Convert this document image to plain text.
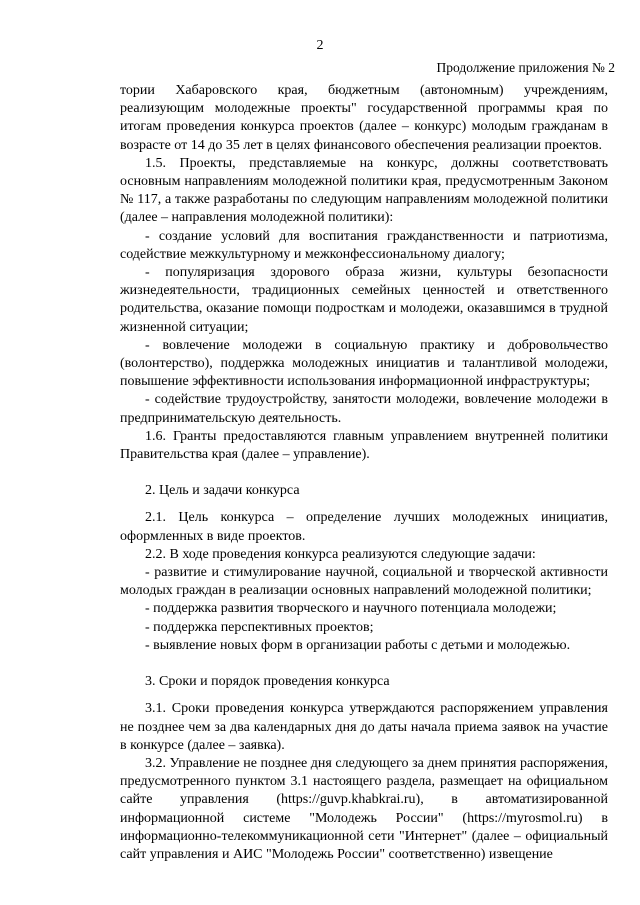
2
Продолжение приложения № 2

тории Хабаровского края, бюджетным (автономным) учреждениям, реализующим молодежные проекты" государственной программы края по итогам проведения конкурса проектов (далее – конкурс) молодым гражданам в возрасте от 14 до 35 лет в целях финансового обеспечения реализации проектов.

1.5. Проекты, представляемые на конкурс, должны соответствовать основным направлениям молодежной политики края, предусмотренным Законом № 117, а также разработаны по следующим направлениям молодежной политики (далее – направления молодежной политики):

- создание условий для воспитания гражданственности и патриотизма, содействие межкультурному и межконфессиональному диалогу;

- популяризация здорового образа жизни, культуры безопасности жизнедеятельности, традиционных семейных ценностей и ответственного родительства, оказание помощи подросткам и молодежи, оказавшимся в трудной жизненной ситуации;

- вовлечение молодежи в социальную практику и добровольчество (волонтерство), поддержка молодежных инициатив и талантливой молодежи, повышение эффективности использования информационной инфраструктуры;

- содействие трудоустройству, занятости молодежи, вовлечение молодежи в предпринимательскую деятельность.

1.6. Гранты предоставляются главным управлением внутренней политики Правительства края (далее – управление).

2. Цель и задачи конкурса

2.1. Цель конкурса – определение лучших молодежных инициатив, оформленных в виде проектов.

2.2. В ходе проведения конкурса реализуются следующие задачи:

- развитие и стимулирование научной, социальной и творческой активности молодых граждан в реализации основных направлений молодежной политики;

- поддержка развития творческого и научного потенциала молодежи;

- поддержка перспективных проектов;

- выявление новых форм в организации работы с детьми и молодежью.

3. Сроки и порядок проведения конкурса

3.1. Сроки проведения конкурса утверждаются распоряжением управления не позднее чем за два календарных дня до даты начала приема заявок на участие в конкурсе (далее – заявка).

3.2. Управление не позднее дня следующего за днем принятия распоряжения, предусмотренного пунктом 3.1 настоящего раздела, размещает на официальном сайте управления (https://guvp.khabkrai.ru), в автоматизированной информационной системе "Молодежь России" (https://myrosmol.ru) в информационно-телекоммуникационной сети "Интернет" (далее – официальный сайт управления и АИС "Молодежь России" соответственно) извещение
